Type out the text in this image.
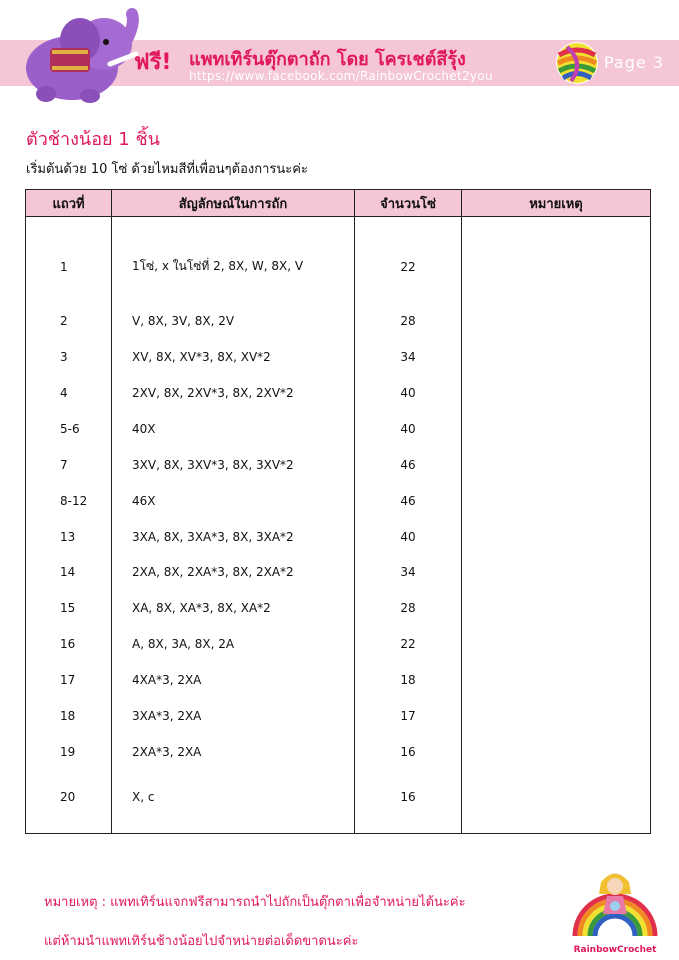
ฟรี! แพทเทิร์นตุ๊กตาถัก โดย โครเชต์สีรุ้ง
https://www.facebook.com/RainbowCrochet2you
Page 3
ตัวช้างน้อย 1 ชิ้น
เริ่มต้นด้วย 10 โซ่ ด้วยไหมสีที่เพื่อนๆต้องการนะค่ะ
แถวที่	สัญลักษณ์ในการถัก	จำนวนโซ่	หมายเหตุ
1	1โซ่, x ในโซ่ที่ 2, 8X, W, 8X, V	22	
2	V, 8X, 3V, 8X, 2V	28	
3	XV, 8X, XV*3, 8X, XV*2	34	
4	2XV, 8X, 2XV*3, 8X, 2XV*2	40	
5-6	40X	40	
7	3XV, 8X, 3XV*3, 8X, 3XV*2	46	
8-12	46X	46	
13	3XA, 8X, 3XA*3, 8X, 3XA*2	40	
14	2XA, 8X, 2XA*3, 8X, 2XA*2	34	
15	XA, 8X, XA*3, 8X, XA*2	28	
16	A, 8X, 3A, 8X, 2A	22	
17	4XA*3, 2XA	18	
18	3XA*3, 2XA	17	
19	2XA*3, 2XA	16	
20	X, c	16	
หมายเหตุ : แพทเทิร์นแจกฟรีสามารถนำไปถักเป็นตุ๊กตาเพื่อจำหน่ายได้นะค่ะ
แต่ห้ามนำแพทเทิร์นช้างน้อยไปจำหน่ายต่อเด็ดขาดนะค่ะ
RainbowCrochet
